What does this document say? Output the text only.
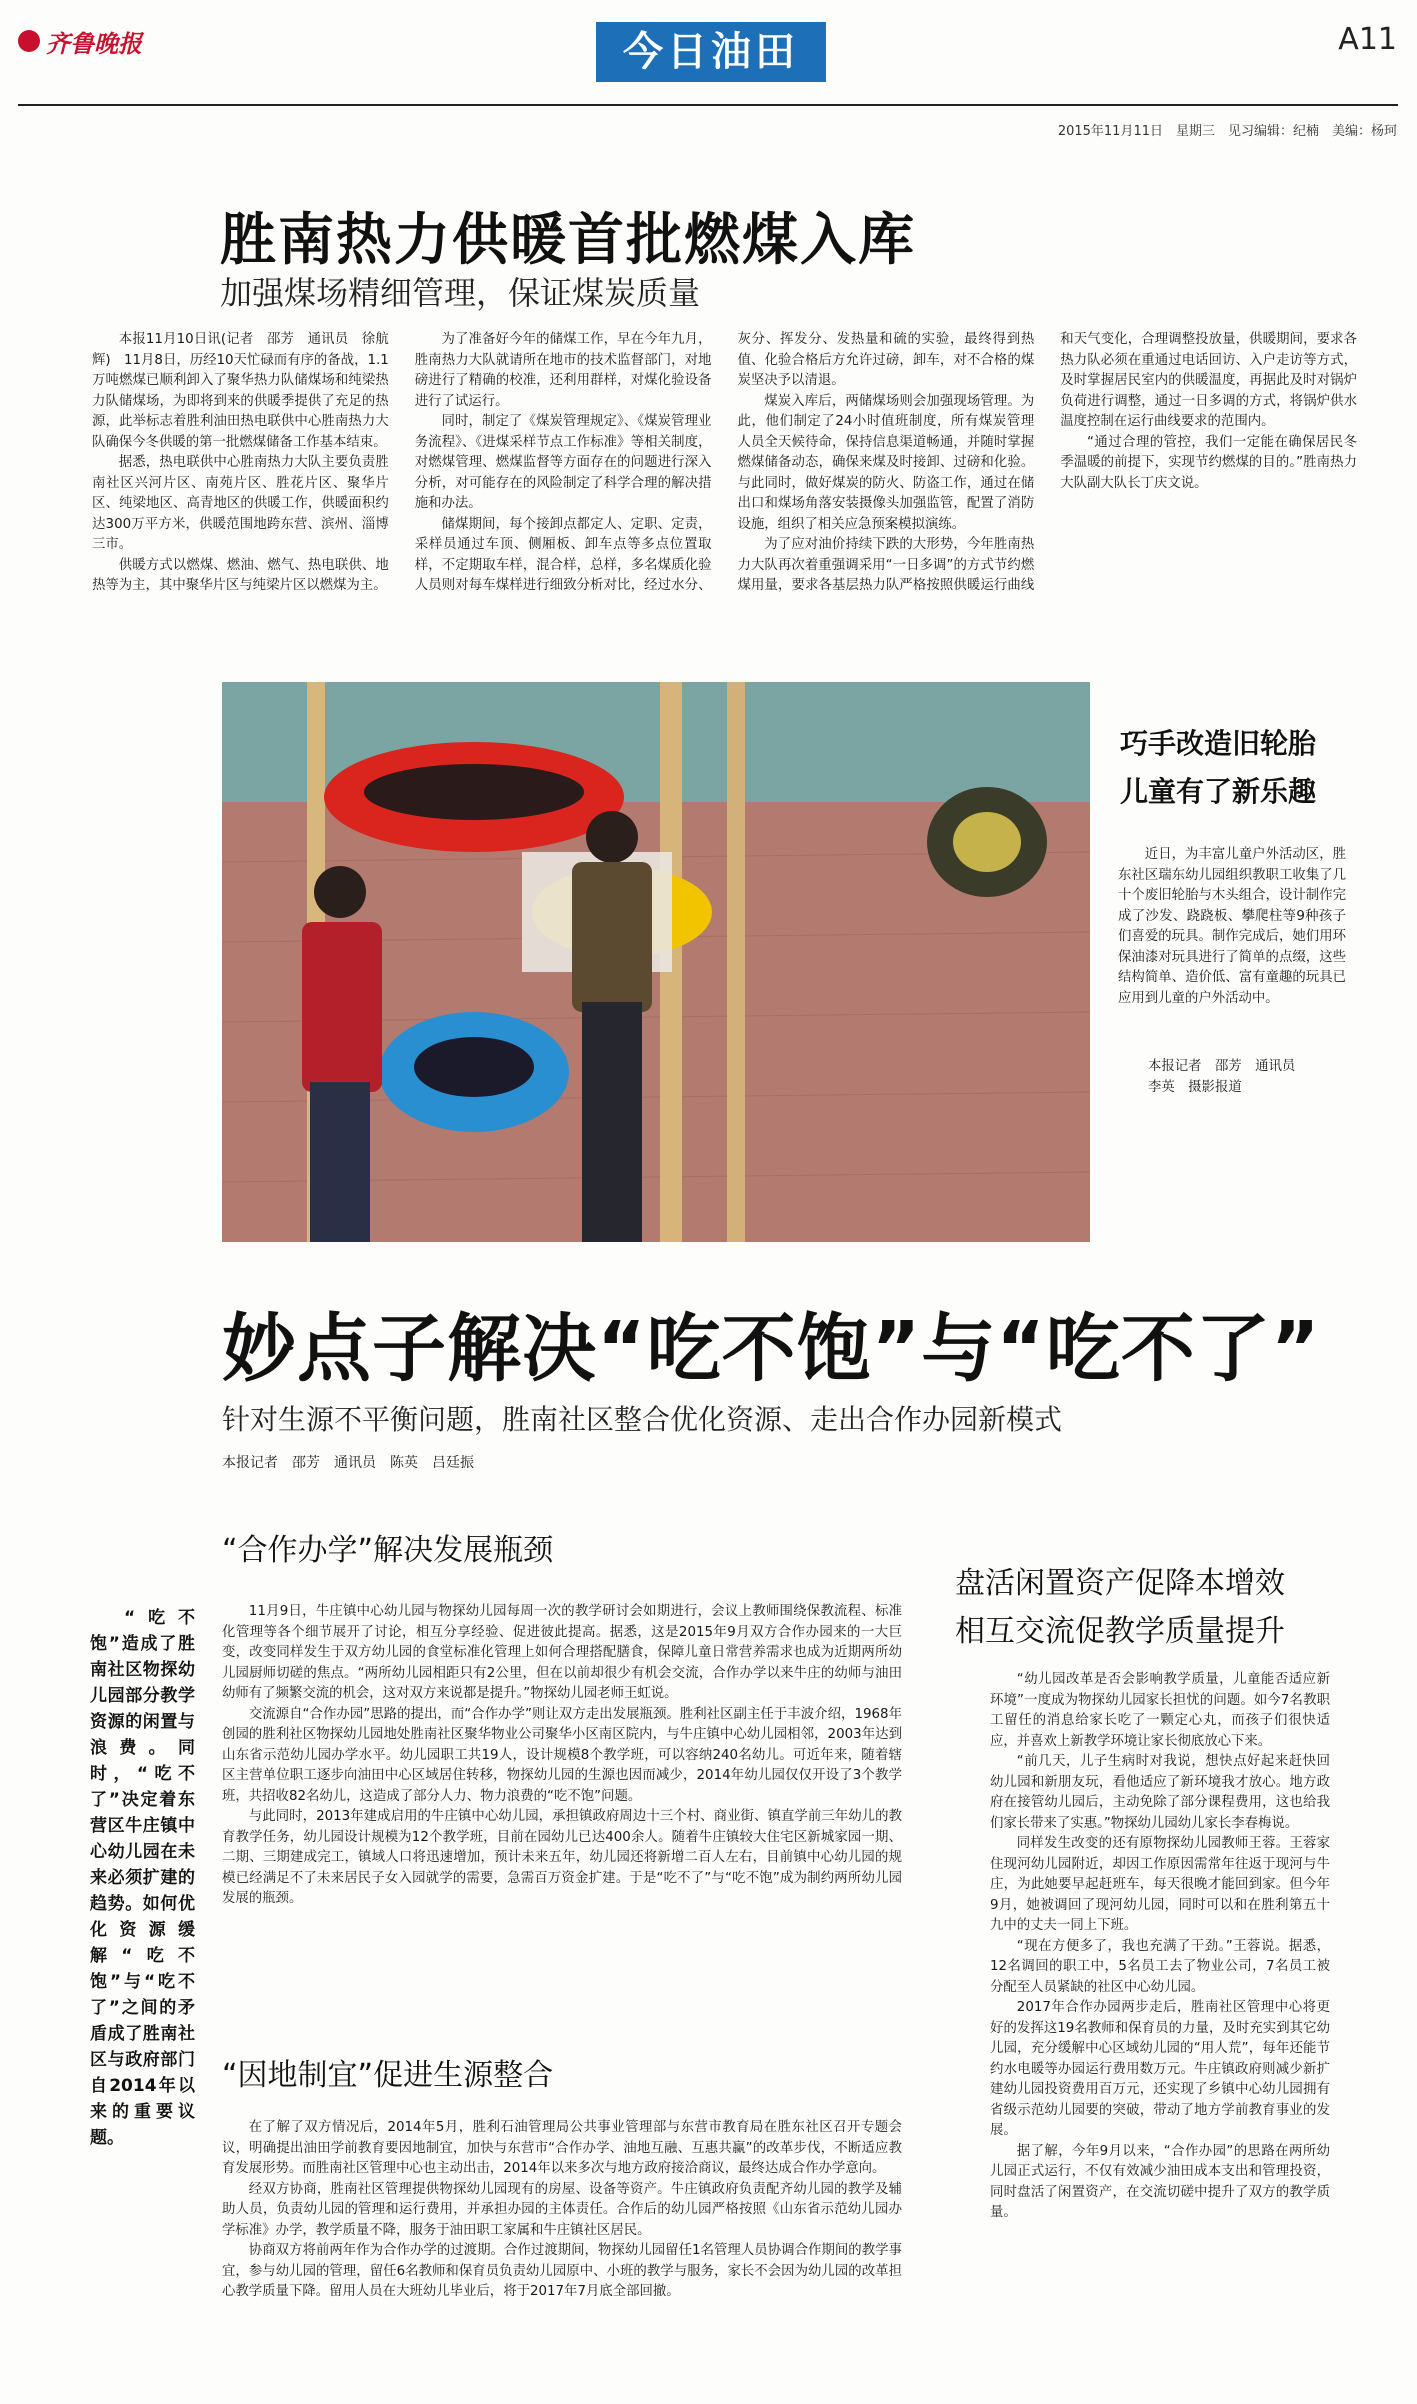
齐鲁晚报	今日油田	A11
2015年11月11日　星期三　见习编辑：纪楠　美编：杨珂
胜南热力供暖首批燃煤入库
加强煤场精细管理，保证煤炭质量

本报11月10日讯(记者　邵芳　通讯员　徐航辉)　11月8日，历经10天忙碌而有序的备战，1.1万吨燃煤已顺利卸入了聚华热力队储煤场和纯梁热力队储煤场，为即将到来的供暖季提供了充足的热源，此举标志着胜利油田热电联供中心胜南热力大队确保今冬供暖的第一批燃煤储备工作基本结束。

据悉，热电联供中心胜南热力大队主要负责胜南社区兴河片区、南苑片区、胜花片区、聚华片区、纯梁地区、高青地区的供暖工作，供暖面积约达300万平方米，供暖范围地跨东营、滨州、淄博三市。

供暖方式以燃煤、燃油、燃气、热电联供、地热等为主，其中聚华片区与纯梁片区以燃煤为主。

为了准备好今年的储煤工作，早在今年九月，胜南热力大队就请所在地市的技术监督部门，对地磅进行了精确的校准，还利用群样，对煤化验设备进行了试运行。

同时，制定了《煤炭管理规定》、《煤炭管理业务流程》、《进煤采样节点工作标准》等相关制度，对燃煤管理、燃煤监督等方面存在的问题进行深入分析，对可能存在的风险制定了科学合理的解决措施和办法。

储煤期间，每个接卸点都定人、定职、定责，采样员通过车顶、侧厢板、卸车点等多点位置取样，不定期取车样，混合样，总样，多名煤质化验人员则对每车煤样进行细致分析对比，经过水分、灰分、挥发分、发热量和硫的实验，最终得到热值、化验合格后方允许过磅，卸车，对不合格的煤炭坚决予以清退。

煤炭入库后，两储煤场则会加强现场管理。为此，他们制定了24小时值班制度，所有煤炭管理人员全天候待命，保持信息渠道畅通，并随时掌握燃煤储备动态，确保来煤及时接卸、过磅和化验。与此同时，做好煤炭的防火、防盗工作，通过在储出口和煤场角落安装摄像头加强监管，配置了消防设施，组织了相关应急预案模拟演练。

为了应对油价持续下跌的大形势，今年胜南热力大队再次着重强调采用“一日多调”的方式节约燃煤用量，要求各基层热力队严格按照供暖运行曲线和天气变化，合理调整投放量，供暖期间，要求各热力队必须在重通过电话回访、入户走访等方式，及时掌握居民室内的供暖温度，再据此及时对锅炉负荷进行调整，通过一日多调的方式，将锅炉供水温度控制在运行曲线要求的范围内。

“通过合理的管控，我们一定能在确保居民冬季温暖的前提下，实现节约燃煤的目的。”胜南热力大队副大队长丁庆文说。

巧手改造旧轮胎
儿童有了新乐趣

近日，为丰富儿童户外活动区，胜东社区瑞东幼儿园组织教职工收集了几十个废旧轮胎与木头组合，设计制作完成了沙发、跷跷板、攀爬柱等9种孩子们喜爱的玩具。制作完成后，她们用环保油漆对玩具进行了简单的点缀，这些结构简单、造价低、富有童趣的玩具已应用到儿童的户外活动中。

本报记者　邵芳　通讯员
李英　摄影报道
妙点子解决“吃不饱”与“吃不了”
针对生源不平衡问题，胜南社区整合优化资源、走出合作办园新模式
本报记者　邵芳　通讯员　陈英　吕廷振
“合作办学”解决发展瓶颈

“吃不饱”造成了胜南社区物探幼儿园部分教学资源的闲置与浪费。同时，“吃不了”决定着东营区牛庄镇中心幼儿园在未来必须扩建的趋势。如何优化资源缓解“吃不饱”与“吃不了”之间的矛盾成了胜南社区与政府部门自2014年以来的重要议题。

11月9日，牛庄镇中心幼儿园与物探幼儿园每周一次的教学研讨会如期进行，会议上教师围绕保教流程、标准化管理等各个细节展开了讨论，相互分享经验、促进彼此提高。据悉，这是2015年9月双方合作办园来的一大巨变，改变同样发生于双方幼儿园的食堂标准化管理上如何合理搭配膳食，保障儿童日常营养需求也成为近期两所幼儿园厨师切磋的焦点。“两所幼儿园相距只有2公里，但在以前却很少有机会交流，合作办学以来牛庄的幼师与油田幼师有了频繁交流的机会，这对双方来说都是提升。”物探幼儿园老师王虹说。

交流源自“合作办园”思路的提出，而“合作办学”则让双方走出发展瓶颈。胜利社区副主任于丰波介绍，1968年创园的胜利社区物探幼儿园地处胜南社区聚华物业公司聚华小区南区院内，与牛庄镇中心幼儿园相邻，2003年达到山东省示范幼儿园办学水平。幼儿园职工共19人，设计规模8个教学班，可以容纳240名幼儿。可近年来，随着辖区主营单位职工逐步向油田中心区域居住转移，物探幼儿园的生源也因而减少，2014年幼儿园仅仅开设了3个教学班，共招收82名幼儿，这造成了部分人力、物力浪费的“吃不饱”问题。

与此同时，2013年建成启用的牛庄镇中心幼儿园，承担镇政府周边十三个村、商业街、镇直学前三年幼儿的教育教学任务，幼儿园设计规模为12个教学班，目前在园幼儿已达400余人。随着牛庄镇较大住宅区新城家园一期、二期、三期建成完工，镇域人口将迅速增加，预计未来五年，幼儿园还将新增二百人左右，目前镇中心幼儿园的规模已经满足不了未来居民子女入园就学的需要，急需百万资金扩建。于是“吃不了”与“吃不饱”成为制约两所幼儿园发展的瓶颈。

“因地制宜”促进生源整合

在了解了双方情况后，2014年5月，胜利石油管理局公共事业管理部与东营市教育局在胜东社区召开专题会议，明确提出油田学前教育要因地制宜，加快与东营市“合作办学、油地互融、互惠共赢”的改革步伐，不断适应教育发展形势。而胜南社区管理中心也主动出击，2014年以来多次与地方政府接洽商议，最终达成合作办学意向。

经双方协商，胜南社区管理提供物探幼儿园现有的房屋、设备等资产。牛庄镇政府负责配齐幼儿园的教学及辅助人员，负责幼儿园的管理和运行费用，并承担办园的主体责任。合作后的幼儿园严格按照《山东省示范幼儿园办学标准》办学，教学质量不降，服务于油田职工家属和牛庄镇社区居民。

协商双方将前两年作为合作办学的过渡期。合作过渡期间，物探幼儿园留任1名管理人员协调合作期间的教学事宜，参与幼儿园的管理，留任6名教师和保育员负责幼儿园原中、小班的教学与服务，家长不会因为幼儿园的改革担心教学质量下降。留用人员在大班幼儿毕业后，将于2017年7月底全部回撤。

盘活闲置资产促降本增效
相互交流促教学质量提升

“幼儿园改革是否会影响教学质量，儿童能否适应新环境”一度成为物探幼儿园家长担忧的问题。如今7名教职工留任的消息给家长吃了一颗定心丸，而孩子们很快适应，并喜欢上新教学环境让家长彻底放心下来。

“前几天，儿子生病时对我说，想快点好起来赶快回幼儿园和新朋友玩，看他适应了新环境我才放心。地方政府在接管幼儿园后，主动免除了部分课程费用，这也给我们家长带来了实惠。”物探幼儿园幼儿家长李春梅说。

同样发生改变的还有原物探幼儿园教师王蓉。王蓉家住现河幼儿园附近，却因工作原因需常年往返于现河与牛庄，为此她要早起赶班车，每天很晚才能回到家。但今年9月，她被调回了现河幼儿园，同时可以和在胜利第五十九中的丈夫一同上下班。

“现在方便多了，我也充满了干劲。”王蓉说。据悉，12名调回的职工中，5名员工去了物业公司，7名员工被分配至人员紧缺的社区中心幼儿园。

2017年合作办园两步走后，胜南社区管理中心将更好的发挥这19名教师和保育员的力量，及时充实到其它幼儿园，充分缓解中心区域幼儿园的“用人荒”，每年还能节约水电暖等办园运行费用数万元。牛庄镇政府则减少新扩建幼儿园投资费用百万元，还实现了乡镇中心幼儿园拥有省级示范幼儿园要的突破，带动了地方学前教育事业的发展。

据了解，今年9月以来，“合作办园”的思路在两所幼儿园正式运行，不仅有效减少油田成本支出和管理投资，同时盘活了闲置资产，在交流切磋中提升了双方的教学质量。
